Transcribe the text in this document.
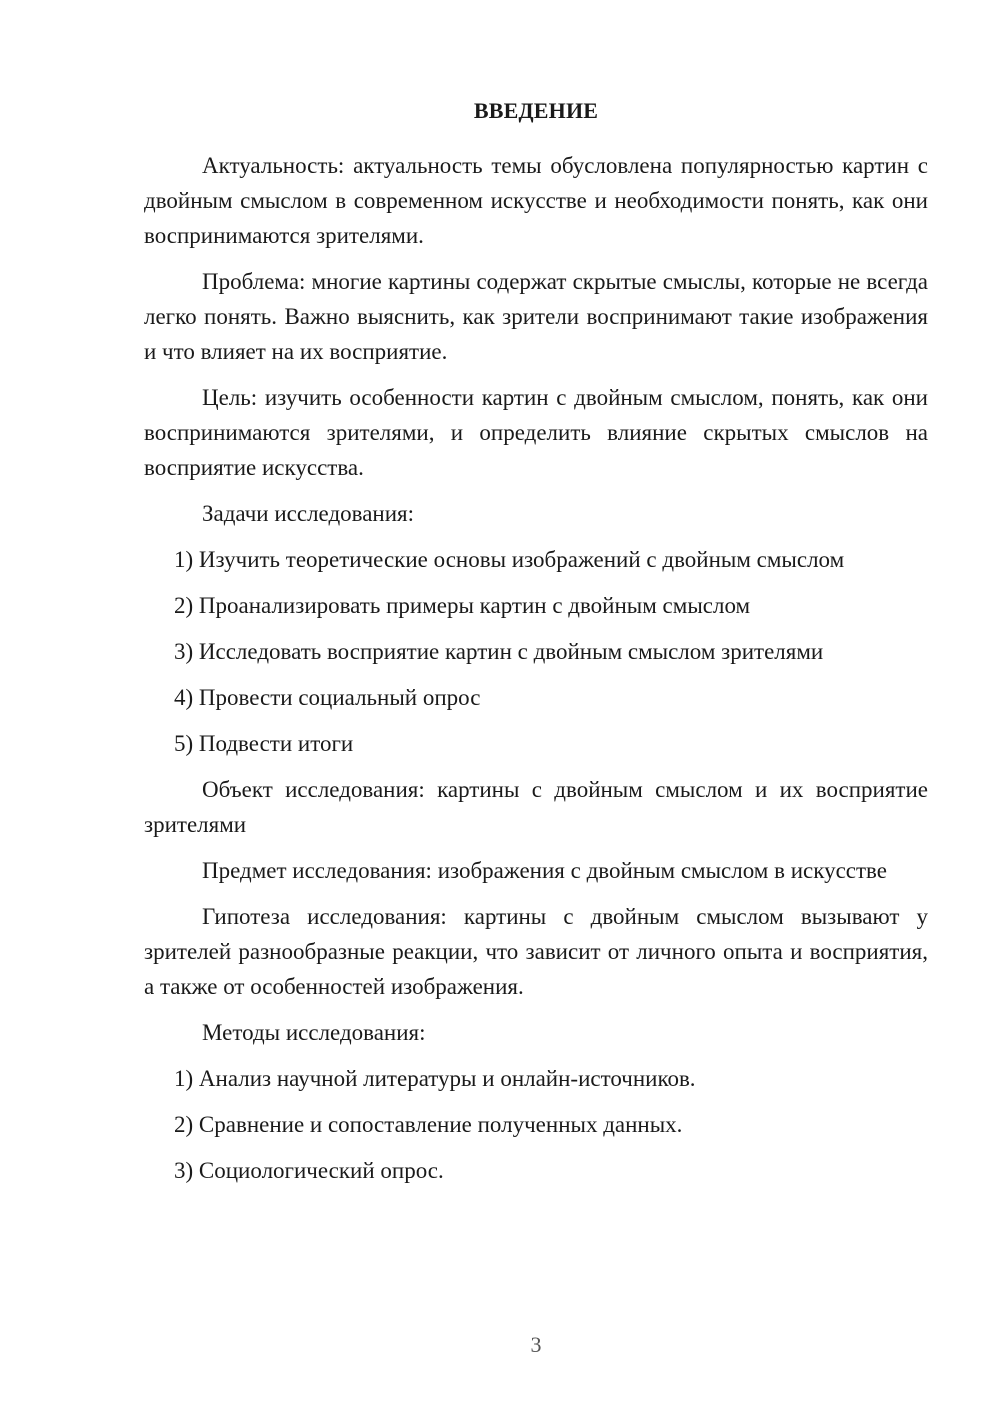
ВВЕДЕНИЕ
Актуальность: актуальность темы обусловлена популярностью картин с двойным смыслом в современном искусстве и необходимости понять, как они воспринимаются зрителями.
Проблема: многие картины содержат скрытые смыслы, которые не всегда легко понять. Важно выяснить, как зрители воспринимают такие изображения и что влияет на их восприятие.
Цель: изучить особенности картин с двойным смыслом, понять, как они воспринимаются зрителями, и определить влияние скрытых смыслов на восприятие искусства.
Задачи исследования:
1) Изучить теоретические основы изображений с двойным смыслом
2) Проанализировать примеры картин с двойным смыслом
3) Исследовать восприятие картин с двойным смыслом зрителями
4) Провести социальный опрос
5) Подвести итоги
Объект исследования: картины с двойным смыслом и их восприятие зрителями
Предмет исследования: изображения с двойным смыслом в искусстве
Гипотеза исследования: картины с двойным смыслом вызывают у зрителей разнообразные реакции, что зависит от личного опыта и восприятия, а также от особенностей изображения.
Методы исследования:
1) Анализ научной литературы и онлайн-источников.
2) Сравнение и сопоставление полученных данных.
3) Социологический опрос.
3
